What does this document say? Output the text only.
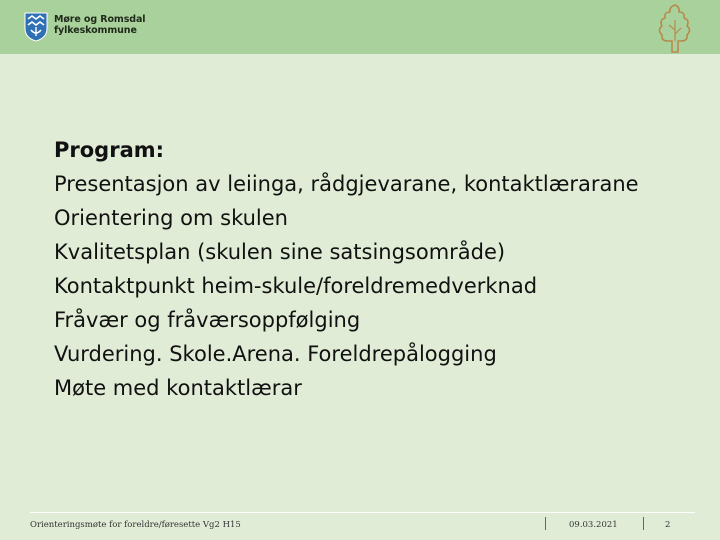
Møre og Romsdal
fylkeskommune
Program:
Presentasjon av leiinga, rådgjevarane, kontaktlærarane
Orientering om skulen
Kvalitetsplan (skulen sine satsingsområde)
Kontaktpunkt heim-skule/foreldremedverknad
Fråvær og fråværsoppfølging
Vurdering. Skole.Arena. Foreldrepålogging
Møte med kontaktlærar
Orienteringsmøte for foreldre/føresette Vg2 H15	09.03.2021	2
